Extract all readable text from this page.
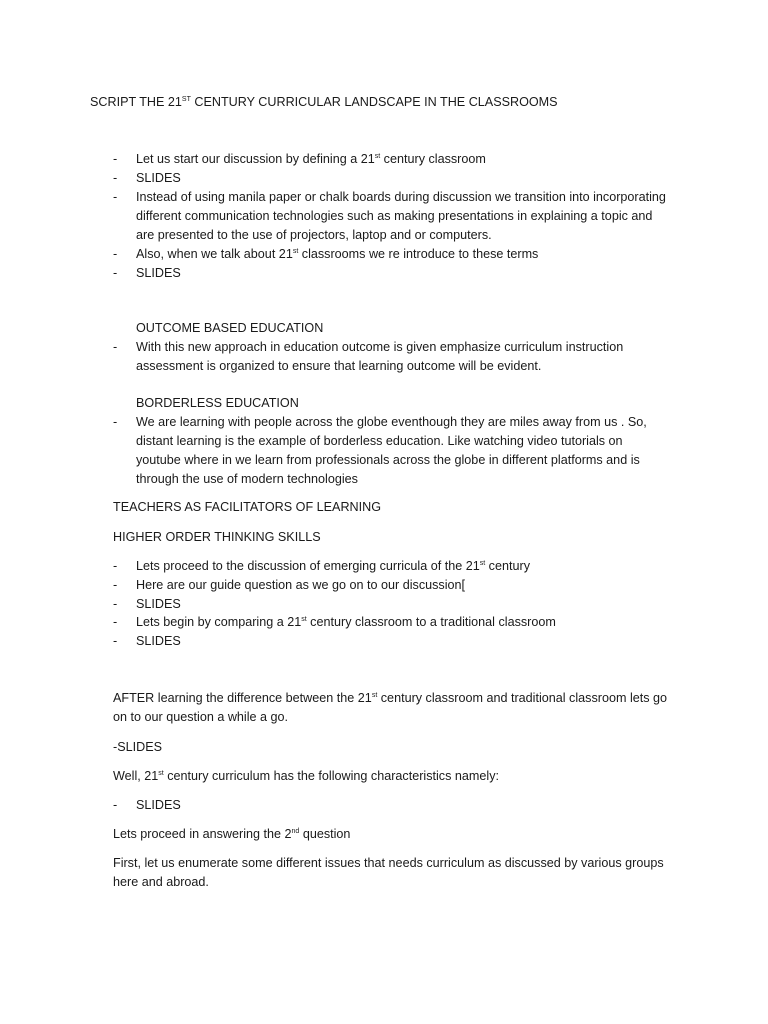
SCRIPT THE 21ST CENTURY CURRICULAR LANDSCAPE IN THE CLASSROOMS

- Let us start our discussion by defining a 21st century classroom

- SLIDES

- Instead of using manila paper or chalk boards during discussion we transition into incorporating

different communication technologies such as making presentations in explaining a topic and

are presented to the use of projectors, laptop and or computers.

- Also, when we talk about 21st classrooms we re introduce to these terms

- SLIDES

OUTCOME BASED EDUCATION

- With this new approach in education outcome is given emphasize curriculum instruction

assessment is organized to ensure that learning outcome will be evident.

BORDERLESS EDUCATION

- We are learning with people across the globe eventhough they are miles away from us . So,

distant learning is the example of borderless education. Like watching video tutorials on

youtube where in we learn from professionals across the globe in different platforms and is

through the use of modern technologies

TEACHERS AS FACILITATORS OF LEARNING

HIGHER ORDER THINKING SKILLS

- Lets proceed to the discussion of emerging curricula of the 21st century

- Here are our guide question as we go on to our discussion[

- SLIDES

- Lets begin by comparing a 21st century classroom to a traditional classroom

- SLIDES

AFTER learning the difference between the 21st century classroom and traditional classroom lets go

on to our question a while a go.

-SLIDES

Well, 21st century curriculum has the following characteristics namely:

- SLIDES

Lets proceed in answering the 2nd question

First, let us enumerate some different issues that needs curriculum as discussed by various groups

here and abroad.
